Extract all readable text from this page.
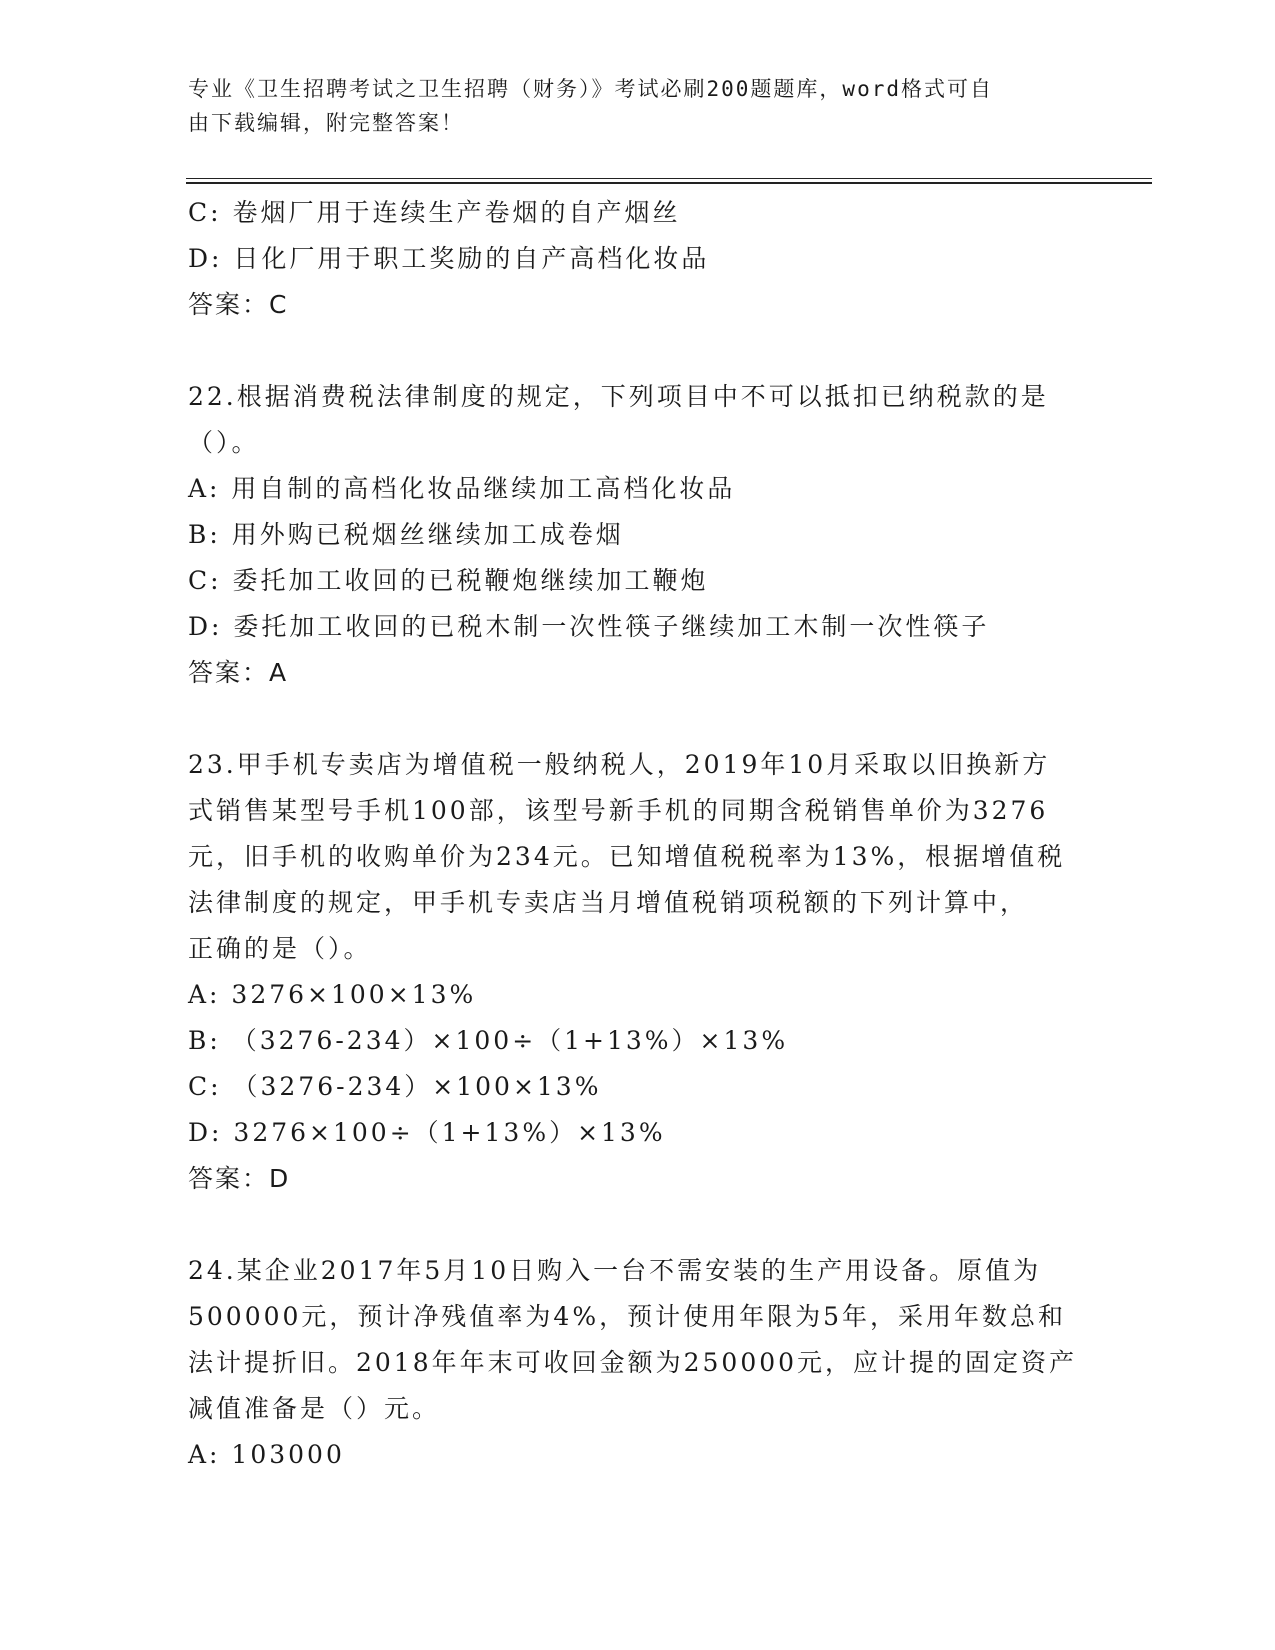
专业《卫生招聘考试之卫生招聘（财务）》考试必刷200题题库，word格式可自
由下载编辑，附完整答案！
C: 卷烟厂用于连续生产卷烟的自产烟丝
D: 日化厂用于职工奖励的自产高档化妆品
答案：C
22.根据消费税法律制度的规定，下列项目中不可以抵扣已纳税款的是
（）。
A: 用自制的高档化妆品继续加工高档化妆品
B: 用外购已税烟丝继续加工成卷烟
C: 委托加工收回的已税鞭炮继续加工鞭炮
D: 委托加工收回的已税木制一次性筷子继续加工木制一次性筷子
答案：A
23.甲手机专卖店为增值税一般纳税人，2019年10月采取以旧换新方
式销售某型号手机100部，该型号新手机的同期含税销售单价为3276
元，旧手机的收购单价为234元。已知增值税税率为13%，根据增值税
法律制度的规定，甲手机专卖店当月增值税销项税额的下列计算中，
正确的是（）。
A: 3276×100×13%
B: （3276-234）×100÷（1+13%）×13%
C: （3276-234）×100×13%
D: 3276×100÷（1+13%）×13%
答案：D
24.某企业2017年5月10日购入一台不需安装的生产用设备。原值为
500000元，预计净残值率为4%，预计使用年限为5年，采用年数总和
法计提折旧。2018年年末可收回金额为250000元，应计提的固定资产
减值准备是（）元。
A: 103000
